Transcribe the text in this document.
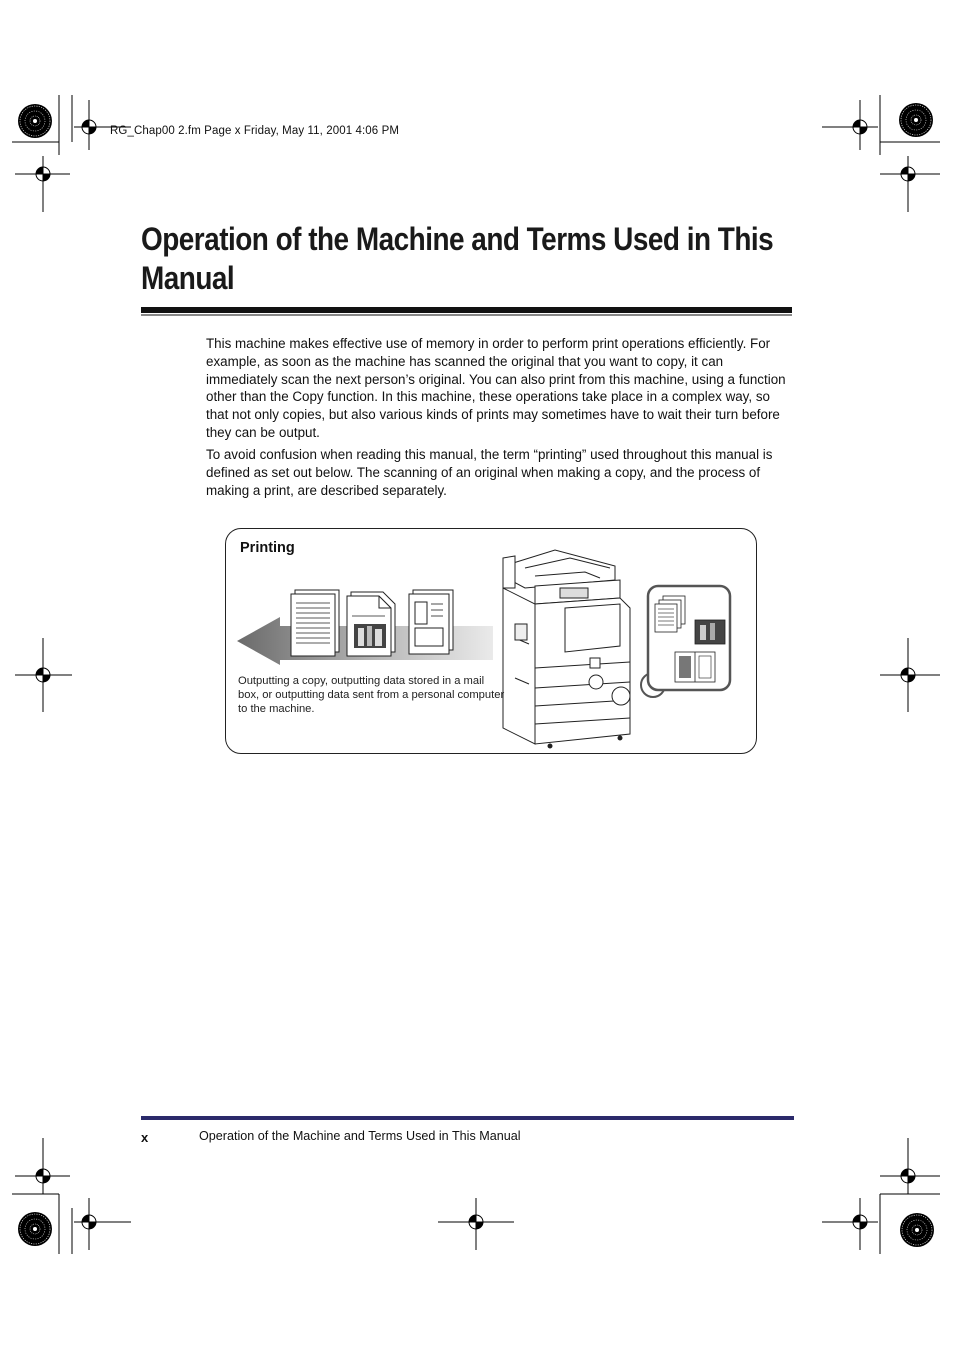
RG_Chap00 2.fm Page x Friday, May 11, 2001 4:06 PM
Operation of the Machine and Terms Used in This Manual

This machine makes effective use of memory in order to perform print operations efficiently. For example, as soon as the machine has scanned the original that you want to copy, it can immediately scan the next person’s original. You can also print from this machine, using a function other than the Copy function. In this machine, these operations take place in a complex way, so that not only copies, but also various kinds of prints may sometimes have to wait their turn before they can be output.

To avoid confusion when reading this manual, the term “printing” used throughout this manual is defined as set out below. The scanning of an original when making a copy, and the process of making a print, are described separately.

Printing
Outputting a copy, outputting data stored in a mail box, or outputting data sent from a personal computer to the machine.
x	Operation of the Machine and Terms Used in This Manual
